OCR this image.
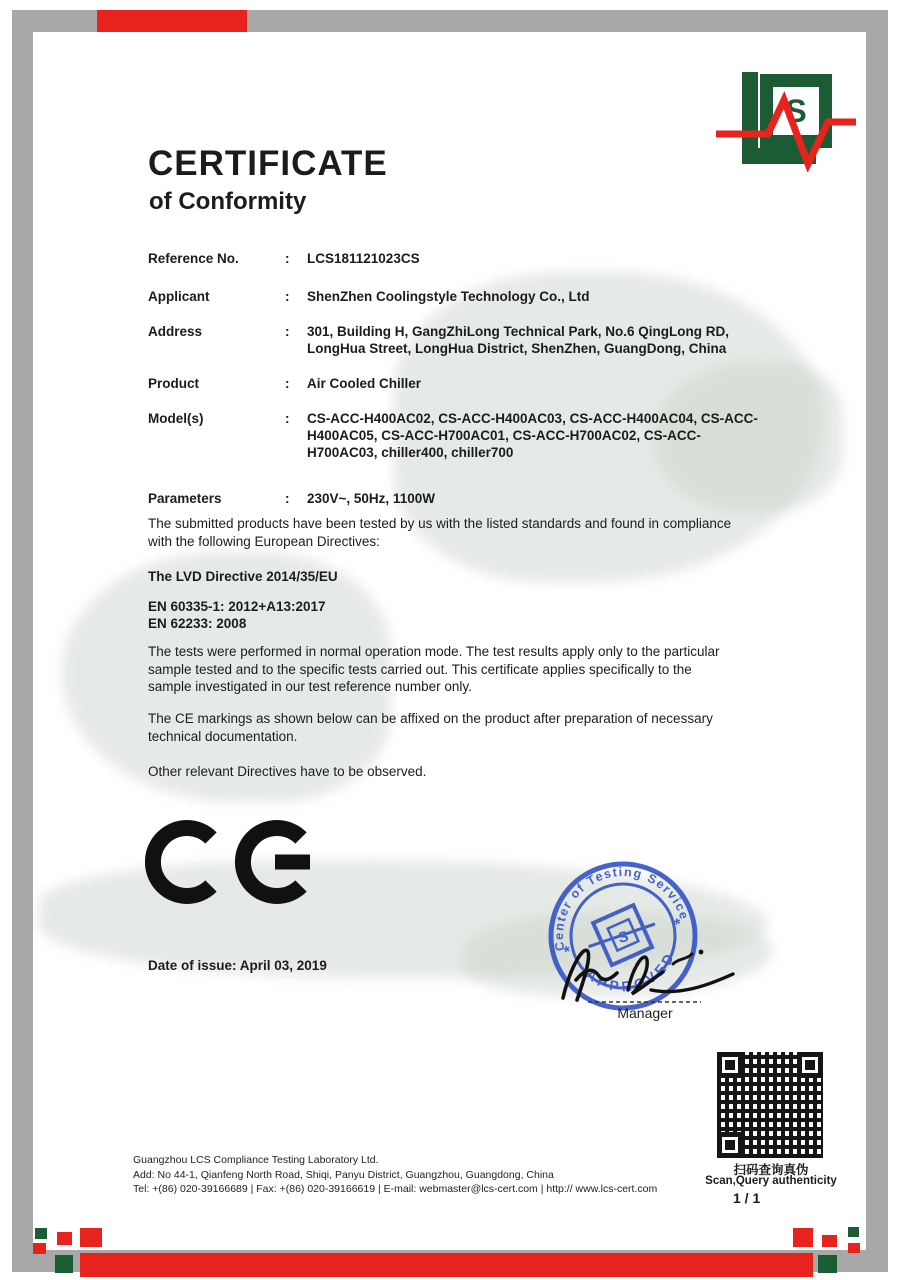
S
CERTIFICATE
of Conformity
Reference No.	:	LCS181121023CS
Applicant	:	ShenZhen Coolingstyle Technology Co., Ltd
Address	:	301, Building H, GangZhiLong Technical Park, No.6 QingLong RD, LongHua Street, LongHua District, ShenZhen, GuangDong, China
Product	:	Air Cooled Chiller
Model(s)	:	CS-ACC-H400AC02, CS-ACC-H400AC03, CS-ACC-H400AC04, CS-ACC-H400AC05, CS-ACC-H700AC01, CS-ACC-H700AC02, CS-ACC-H700AC03, chiller400, chiller700
Parameters	:	230V~, 50Hz, 1100W
The submitted products have been tested by us with the listed standards and found in compliance with the following European Directives:
The LVD Directive 2014/35/EU
EN 60335-1: 2012+A13:2017
EN 62233: 2008
The tests were performed in normal operation mode. The test results apply only to the particular sample tested and to the specific tests carried out. This certificate applies specifically to the sample investigated in our test reference number only.
The CE markings as shown below can be affixed on the product after preparation of necessary technical documentation.
Other relevant Directives have to be observed.
Date of issue: April 03, 2019
Center of Testing Service
APPROVED
*
*
S
Manager
扫码查询真伪
Scan,Query authenticity
Guangzhou LCS Compliance Testing Laboratory Ltd.
Add: No 44-1, Qianfeng North Road, Shiqi, Panyu District, Guangzhou, Guangdong, China
Tel: +(86) 020-39166689 | Fax: +(86) 020-39166619 | E-mail: webmaster@lcs-cert.com | http:// www.lcs-cert.com
1 / 1
